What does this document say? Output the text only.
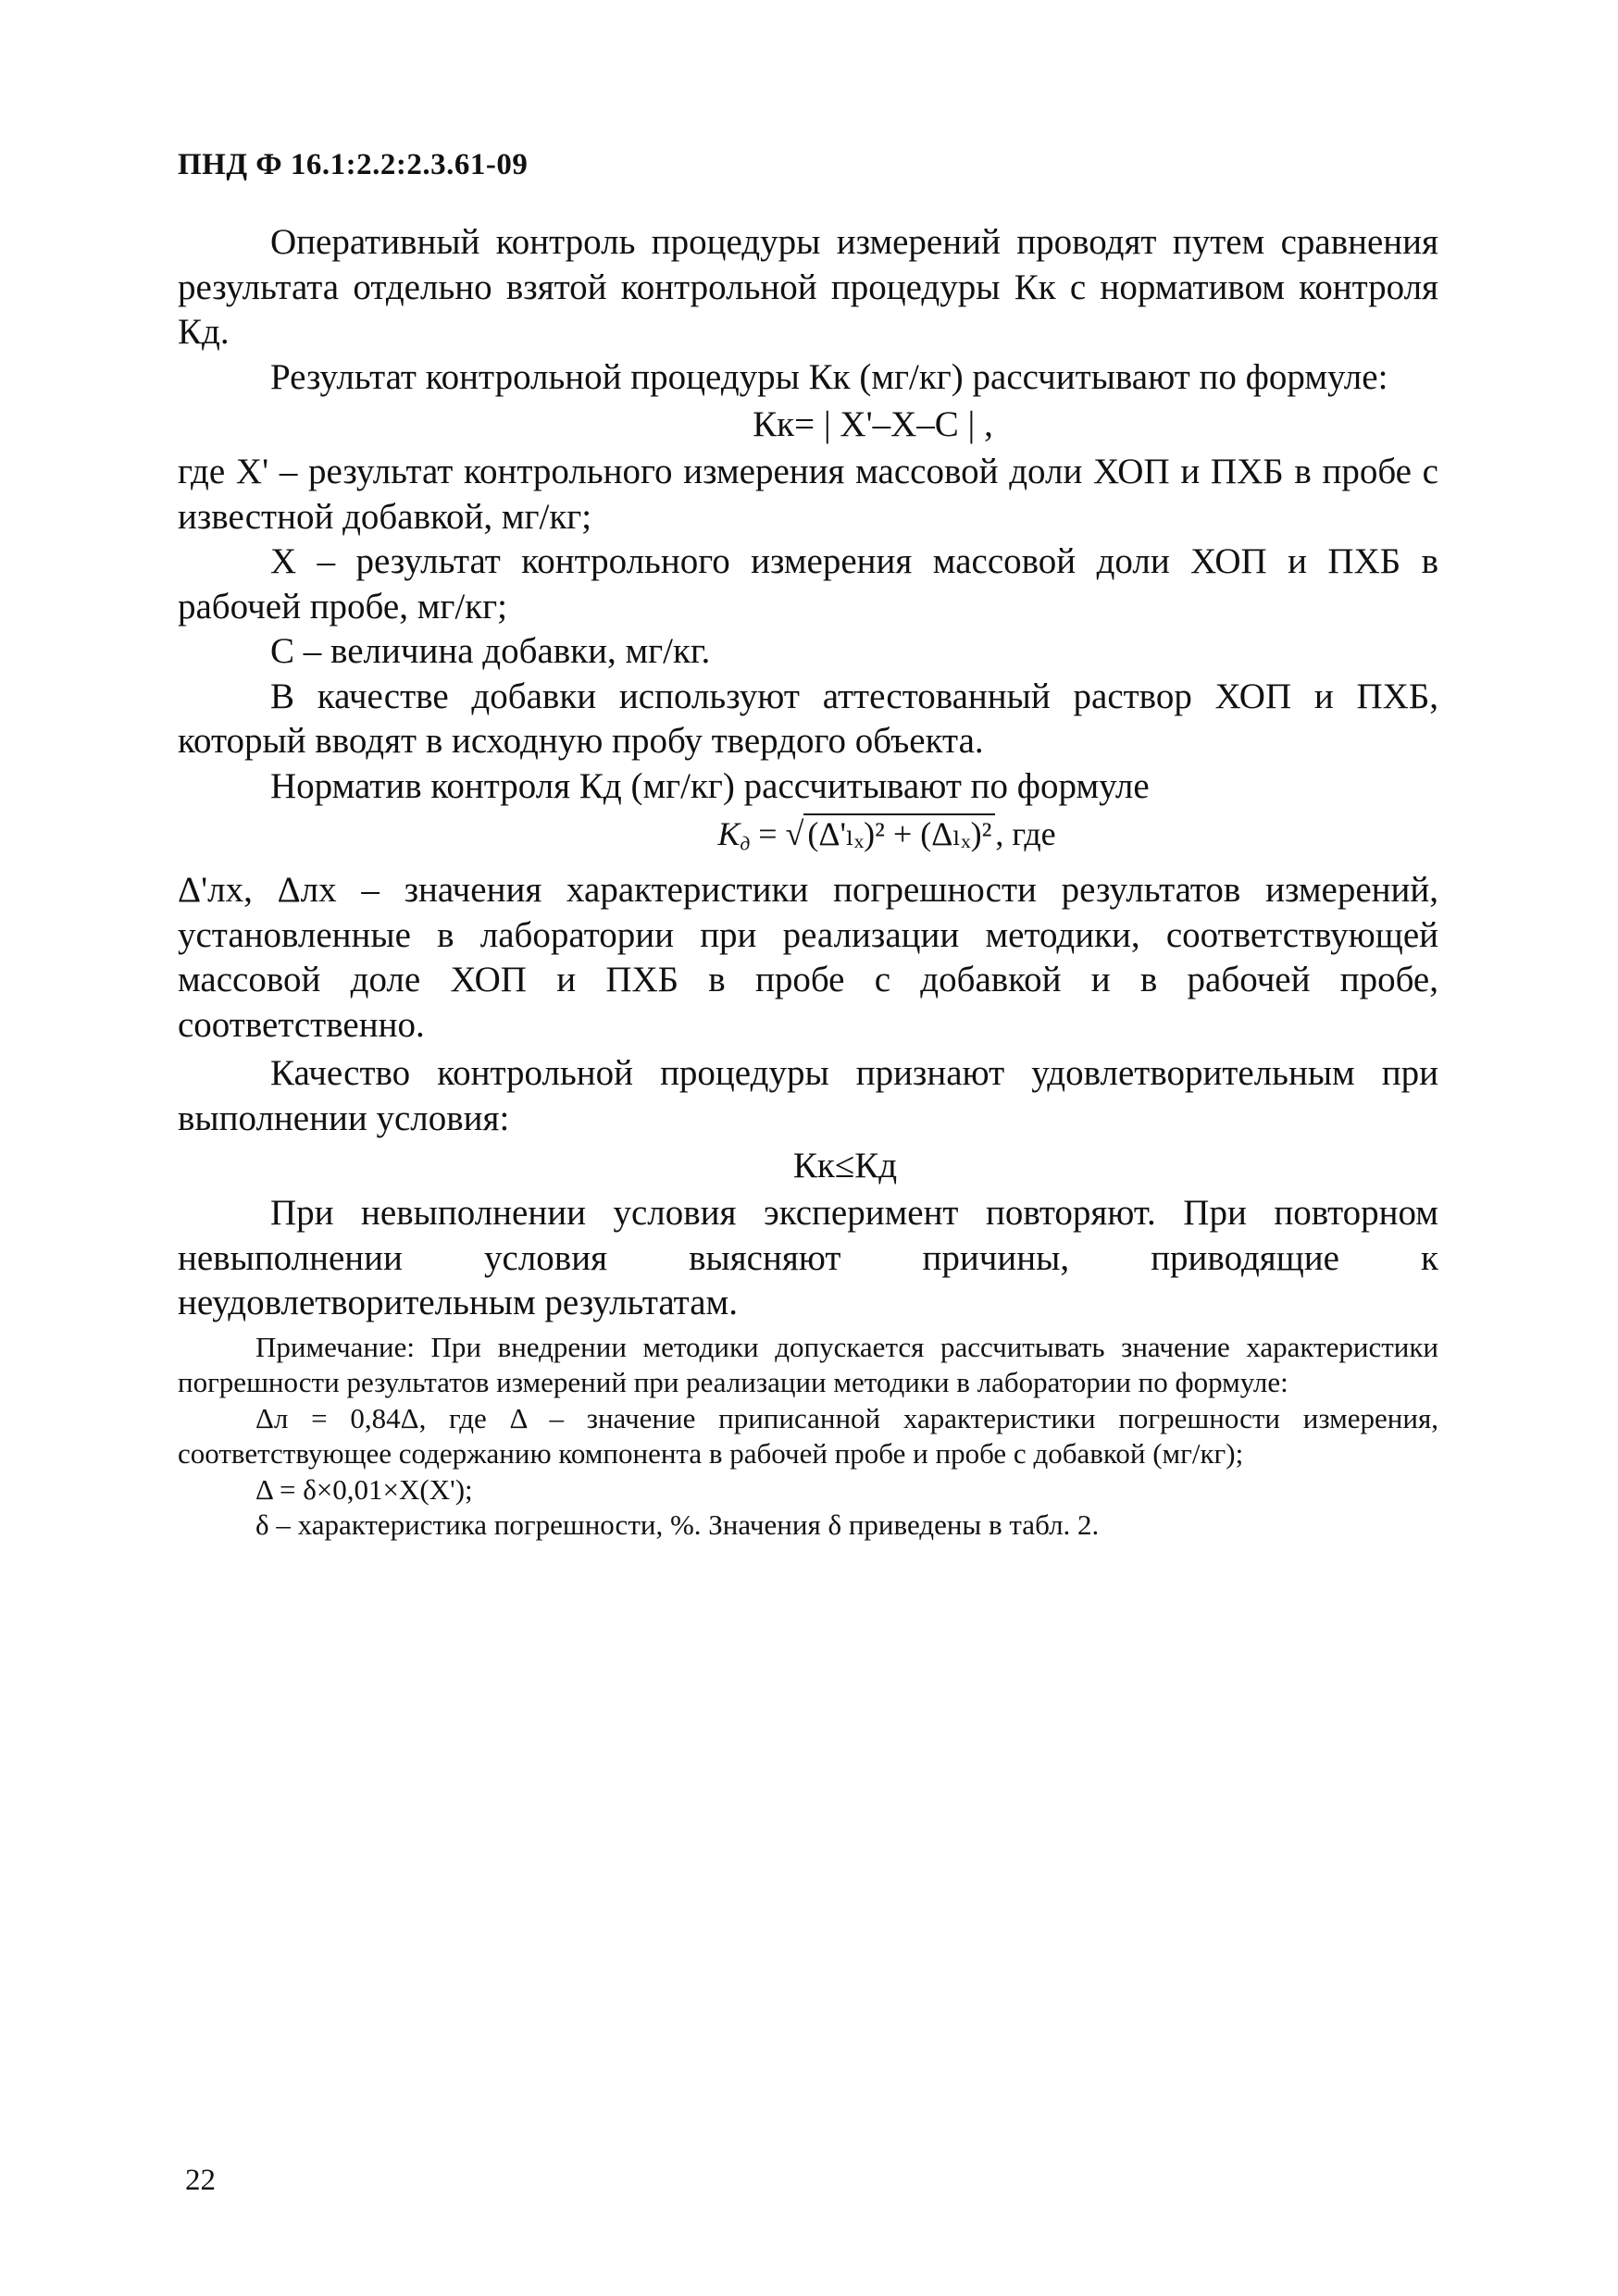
ПНД Ф 16.1:2.2:2.3.61-09

Оперативный контроль процедуры измерений проводят путем сравнения результата отдельно взятой контрольной процедуры Кк с нормативом контроля Кд.

Результат контрольной процедуры Кк (мг/кг) рассчитывают по формуле:

Кк= | X'–X–C | ,

где X' – результат контрольного измерения массовой доли ХОП и ПХБ в пробе с известной добавкой, мг/кг;

X – результат контрольного измерения массовой доли ХОП и ПХБ в рабочей пробе, мг/кг;

С – величина добавки, мг/кг.

В качестве добавки используют аттестованный раствор ХОП и ПХБ, который вводят в исходную пробу твердого объекта.

Норматив контроля Кд (мг/кг) рассчитывают по формуле

Kд = √ (Δ'ₗₓ)² + (Δₗₓ)² , где

Δ'лх, Δлх – значения характеристики погрешности результатов измерений, установленные в лаборатории при реализации методики, соответствующей массовой доле ХОП и ПХБ в пробе с добавкой и в рабочей пробе, соответственно.

Качество контрольной процедуры признают удовлетворительным при выполнении условия:

Кк≤Кд

При невыполнении условия эксперимент повторяют. При повторном невыполнении условия выясняют причины, приводящие к неудовлетворительным результатам.

Примечание: При внедрении методики допускается рассчитывать значение характеристики погрешности результатов измерений при реализации методики в лаборатории по формуле:

Δл = 0,84Δ, где Δ – значение приписанной характеристики погрешности измерения, соответствующее содержанию компонента в рабочей пробе и пробе с добавкой (мг/кг);

Δ = δ×0,01×X(X');

δ – характеристика погрешности, %. Значения δ приведены в табл. 2.

22
